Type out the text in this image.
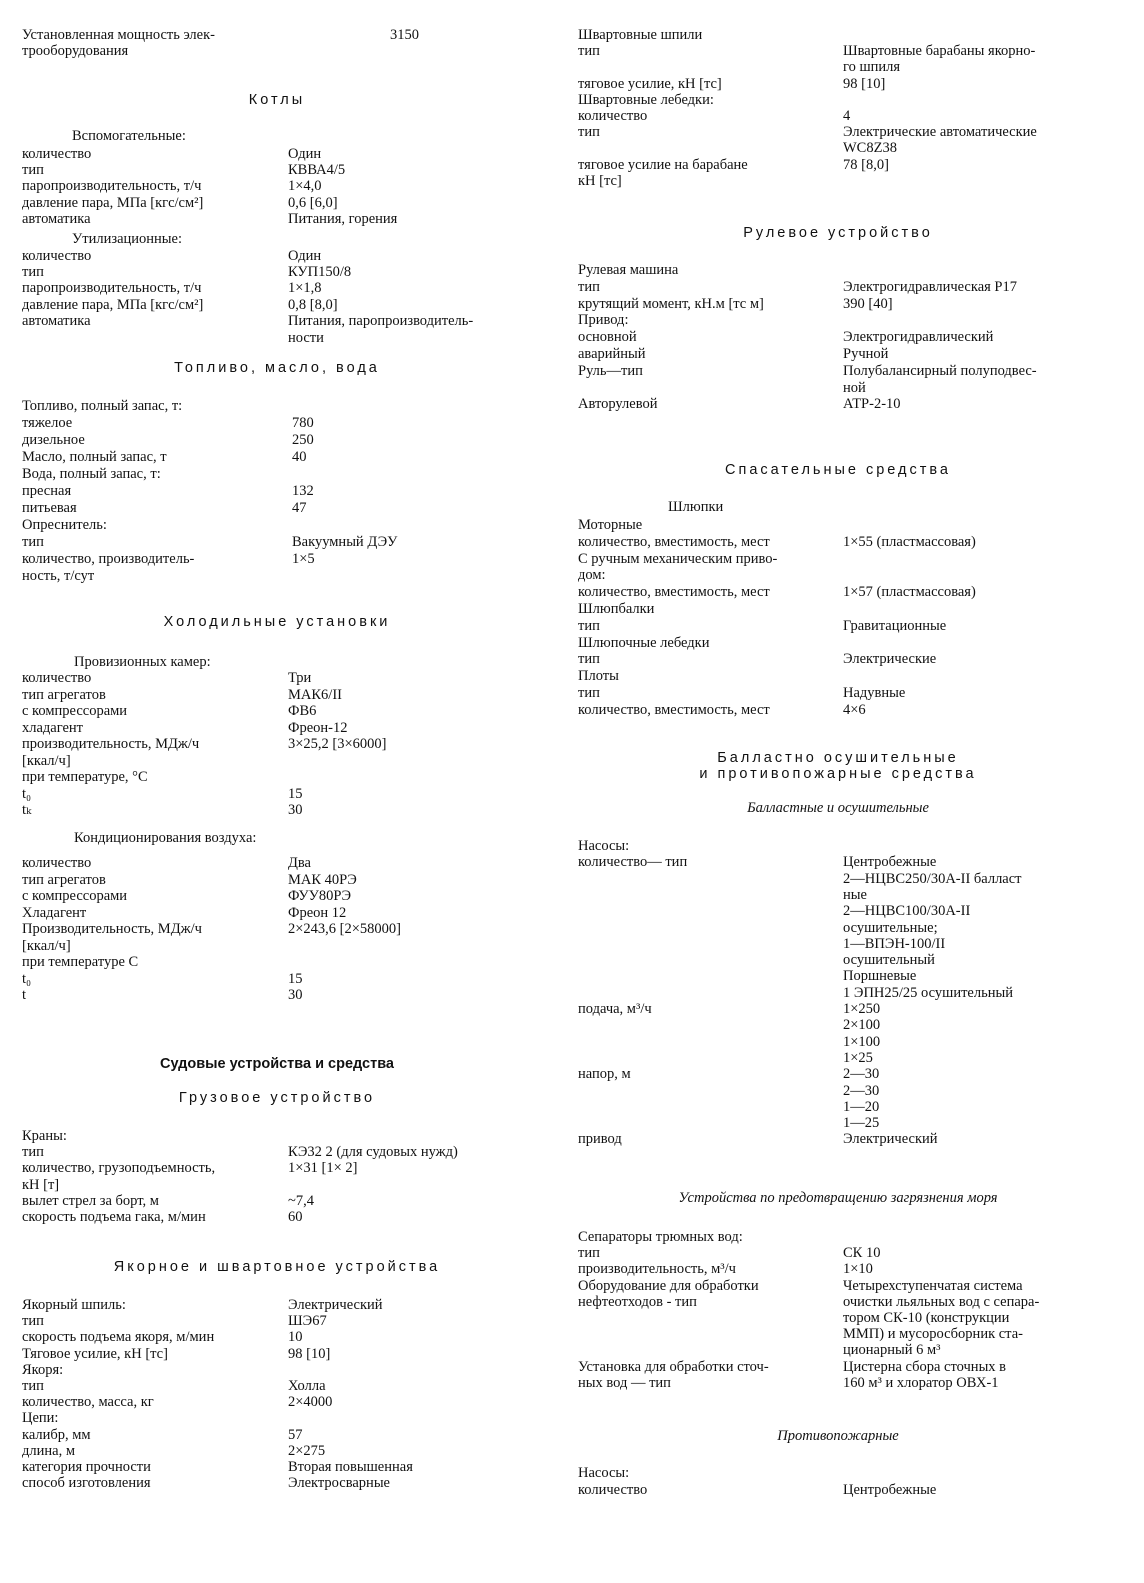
Установленная мощность элек-	3150
трооборудования
Котлы
Вспомогательные:
количество	Один
тип	КВВА4/5
паропроизводительность, т/ч	1×4,0
давление пара, МПа [кгс/см²]	0,6 [6,0]
автоматика	Питания, горения
Утилизационные:
количество	Один
тип	КУП150/8
паропроизводительность, т/ч	1×1,8
давление пара, МПа [кгс/см²]	0,8 [8,0]
автоматика	Питания, паропроизводитель-
ности
Топливо, масло, вода
Топливо, полный запас, т:
тяжелое	780
дизельное	250
Масло, полный запас, т	40
Вода, полный запас, т:
пресная	132
питьевая	47
Опреснитель:
тип	Вакуумный ДЭУ
количество, производитель-	1×5
ность, т/сут
Холодильные установки
Провизионных камер:
количество	Три
тип агрегатов	МАК6/II
с компрессорами	ФВ6
хладагент	Фреон-12
производительность, МДж/ч	3×25,2 [3×6000]
[ккал/ч]
при температуре, °С
t₀	15
tₖ	30
Кондиционирования воздуха:
количество	Два
тип агрегатов	МАК 40РЭ
с компрессорами	ФУУ80РЭ
Хладагент	Фреон 12
Производительность, МДж/ч	2×243,6 [2×58000]
[ккал/ч]
при температуре С
t₀	15
t	30
Судовые устройства и средства
Грузовое устройство
Краны:
тип	КЭ32 2 (для судовых нужд)
количество, грузоподъемность,	1×31 [1× 2]
кН [т]
вылет стрел за борт, м	~7,4
скорость подъема гака, м/мин	60
Якорное и швартовное устройства
Якорный шпиль:	Электрический
тип	ШЭ67
скорость подъема якоря, м/мин	10
Тяговое усилие, кН [тс]	98 [10]
Якоря:
тип	Холла
количество, масса, кг	2×4000
Цепи:
калибр, мм	57
длина, м	2×275
категория прочности	Вторая повышенная
способ изготовления	Электросварные
Швартовные шпили
тип	Швартовные барабаны якорно-
го шпиля
тяговое усилие, кН [тс]	98 [10]
Швартовные лебедки:
количество	4
тип	Электрические автоматические
WC8Z38
тяговое усилие на барабане	78 [8,0]
кН [тс]
Рулевое устройство
Рулевая машина
тип	Электрогидравлическая Р17
крутящий момент, кН.м [тс м]	390 [40]
Привод:
основной	Электрогидравлический
аварийный	Ручной
Руль—тип	Полубалансирный полуподвес-
ной
Авторулевой	АТР-2-10
Спасательные средства
Шлюпки
Моторные
количество, вместимость, мест	1×55 (пластмассовая)
С ручным механическим приво-
дом:
количество, вместимость, мест	1×57 (пластмассовая)
Шлюпбалки
тип	Гравитационные
Шлюпочные лебедки
тип	Электрические
Плоты
тип	Надувные
количество, вместимость, мест	4×6
Балластно осушительные
и противопожарные средства
Балластные и осушительные
Насосы:
количество— тип	Центробежные
2—НЦВС250/30А-II балласт
ные
2—НЦВС100/30А-II
осушительные;
1—ВПЭН-100/II
осушительный
Поршневые
1 ЭПН25/25 осушительный
подача, м³/ч	1×250
2×100
1×100
1×25
напор, м	2—30
2—30
1—20
1—25
привод	Электрический
Устройства по предотвращению загрязнения моря
Сепараторы трюмных вод:
тип	СК 10
производительность, м³/ч	1×10
Оборудование для обработки	Четырехступенчатая система
нефтеотходов - тип	очистки льяльных вод с сепара-
тором СК-10 (конструкции
ММП) и мусоросборник ста-
ционарный 6 м³
Установка для обработки сточ-	Цистерна сбора сточных в
ных вод — тип	160 м³ и хлоратор ОВХ-1
Противопожарные
Насосы:
количество	Центробежные
